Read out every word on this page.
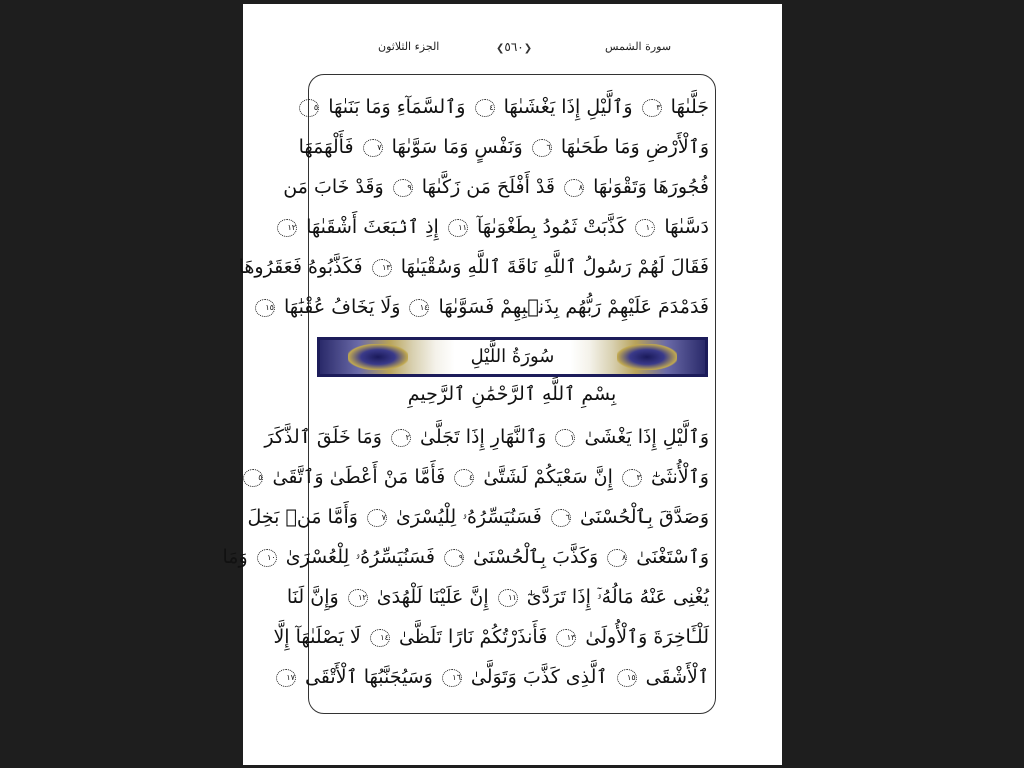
الجزء الثلاثون	❮٥٦٠❯	سورة الشمس
جَلَّىٰهَا ٣ وَٱلَّيْلِ إِذَا يَغْشَىٰهَا ٤ وَٱلسَّمَآءِ وَمَا بَنَىٰهَا ٥
وَٱلْأَرْضِ وَمَا طَحَىٰهَا ٦ وَنَفْسٍ وَمَا سَوَّىٰهَا ٧ فَأَلْهَمَهَا
فُجُورَهَا وَتَقْوَىٰهَا ٨ قَدْ أَفْلَحَ مَن زَكَّىٰهَا ٩ وَقَدْ خَابَ مَن
دَسَّىٰهَا ١٠ كَذَّبَتْ ثَمُودُ بِطَغْوَىٰهَآ ١١ إِذِ ٱنۢبَعَثَ أَشْقَىٰهَا ١٢
فَقَالَ لَهُمْ رَسُولُ ٱللَّهِ نَاقَةَ ٱللَّهِ وَسُقْيَىٰهَا ١٣ فَكَذَّبُوهُ فَعَقَرُوهَا
فَدَمْدَمَ عَلَيْهِمْ رَبُّهُم بِذَنۢبِهِمْ فَسَوَّىٰهَا ١٤ وَلَا يَخَافُ عُقْبَٰهَا ١٥
سُورَةُ اللَّيْلِ
بِسْمِ ٱللَّهِ ٱلرَّحْمَٰنِ ٱلرَّحِيمِ
وَٱلَّيْلِ إِذَا يَغْشَىٰ ١ وَٱلنَّهَارِ إِذَا تَجَلَّىٰ ٢ وَمَا خَلَقَ ٱلذَّكَرَ
وَٱلْأُنثَىٰٓ ٣ إِنَّ سَعْيَكُمْ لَشَتَّىٰ ٤ فَأَمَّا مَنْ أَعْطَىٰ وَٱتَّقَىٰ ٥
وَصَدَّقَ بِٱلْحُسْنَىٰ ٦ فَسَنُيَسِّرُهُۥ لِلْيُسْرَىٰ ٧ وَأَمَّا مَنۢ بَخِلَ
وَٱسْتَغْنَىٰ ٨ وَكَذَّبَ بِٱلْحُسْنَىٰ ٩ فَسَنُيَسِّرُهُۥ لِلْعُسْرَىٰ ١٠ وَمَا
يُغْنِى عَنْهُ مَالُهُۥٓ إِذَا تَرَدَّىٰٓ ١١ إِنَّ عَلَيْنَا لَلْهُدَىٰ ١٢ وَإِنَّ لَنَا
لَلْـَٔاخِرَةَ وَٱلْأُولَىٰ ١٣ فَأَنذَرْتُكُمْ نَارًا تَلَظَّىٰ ١٤ لَا يَصْلَىٰهَآ إِلَّا
ٱلْأَشْقَى ١٥ ٱلَّذِى كَذَّبَ وَتَوَلَّىٰ ١٦ وَسَيُجَنَّبُهَا ٱلْأَتْقَى ١٧
